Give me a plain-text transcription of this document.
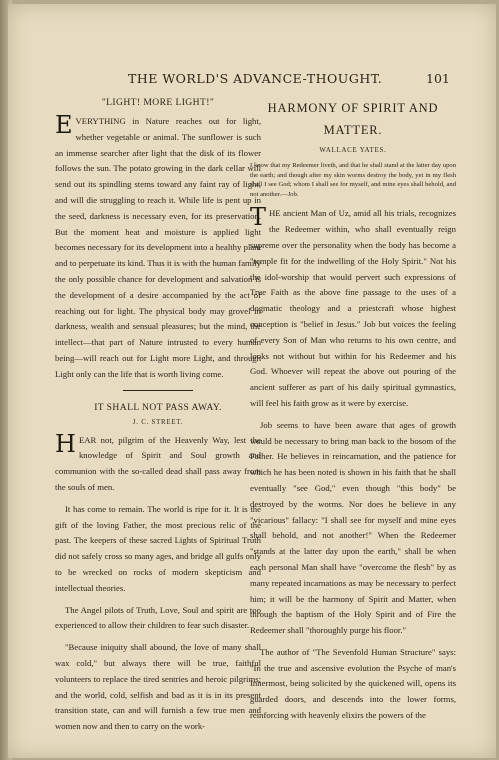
THE WORLD'S ADVANCE-THOUGHT.	101
"LIGHT! MORE LIGHT!"

EVERYTHING in Nature reaches out for light, whether vegetable or animal. The sunflower is such an immense searcher after light that the disk of its flower follows the sun. The potato growing in the dark cellar will send out its spindling stems toward any faint ray of light, and will die struggling to reach it. While life is pent up in the seed, darkness is necessary even, for its preservation. But the moment heat and moisture is applied light becomes necessary for its development into a healthy plant and to perpetuate its kind. Thus it is with the human family the only possible chance for development and salvation is the development of a desire accompanied by the act of reaching out for light. The physical body may grovel in darkness, wealth and sensual pleasures; but the mind, the intellect—that part of Nature intrusted to every human being—will reach out for Light more Light, and through Light only can the life that is worth living come.

IT SHALL NOT PASS AWAY.
J. C. STREET.

HEAR not, pilgrim of the Heavenly Way, lest the knowledge of Spirit and Soul growth and communion with the so-called dead shall pass away from the souls of men.

It has come to remain. The world is ripe for it. It is the gift of the loving Father, the most precious relic of the past. The keepers of these sacred Lights of Spiritual Truth did not safely cross so many ages, and bridge all gulfs only to be wrecked on rocks of modern skepticism and intellectual theories.

The Angel pilots of Truth, Love, Soul and spirit are too experienced to allow their children to fear such disaster.

"Because iniquity shall abound, the love of many shall wax cold," but always there will be true, faithful volunteers to replace the tired sentries and heroic pilgrims; and the world, cold, selfish and bad as it is in its present transition state, can and will furnish a few true men and women now and then to carry on the work-

HARMONY OF SPIRIT AND MATTER.
WALLACE YATES.

I know that my Redeemer liveth, and that he shall stand at the latter day upon the earth; and though after my skin worms destroy the body, yet in my flesh shall I see God; whom I shall see for myself, and mine eyes shall behold, and not another.—Job.

THE ancient Man of Uz, amid all his trials, recognizes the Redeemer within, who shall eventually reign supreme over the personality when the body has become a "temple fit for the indwelling of the Holy Spirit." Not his the idol-worship that would pervert such expressions of True Faith as the above fine passage to the uses of a dogmatic theology and a priestcraft whose highest conception is "belief in Jesus." Job but voices the feeling of every Son of Man who returns to his own centre, and looks not without but within for his Redeemer and his God. Whoever will repeat the above out pouring of the ancient sufferer as part of his daily spiritual gymnastics, will feel his faith grow as it were by exercise.

Job seems to have been aware that ages of growth would be necessary to bring man back to the bosom of the Father. He believes in reincarnation, and the patience for which he has been noted is shown in his faith that he shall eventually "see God," even though "this body" be destroyed by the worms. Nor does he believe in any "vicarious" fallacy: "I shall see for myself and mine eyes shall behold, and not another!" When the Redeemer "stands at the latter day upon the earth," shall be when each personal Man shall have "overcome the flesh" by as many repeated incarnations as may be necessary to perfect him; it will be the harmony of Spirit and Matter, when through the baptism of the Holy Spirit and of Fire the Redeemer shall "thoroughly purge his floor."

The author of "The Sevenfold Human Structure" says: "In the true and ascensive evolution the Psyche of man's Innermost, being solicited by the quickened will, opens its guarded doors, and descends into the lower forms, reinforcing with heavenly elixirs the powers of the
